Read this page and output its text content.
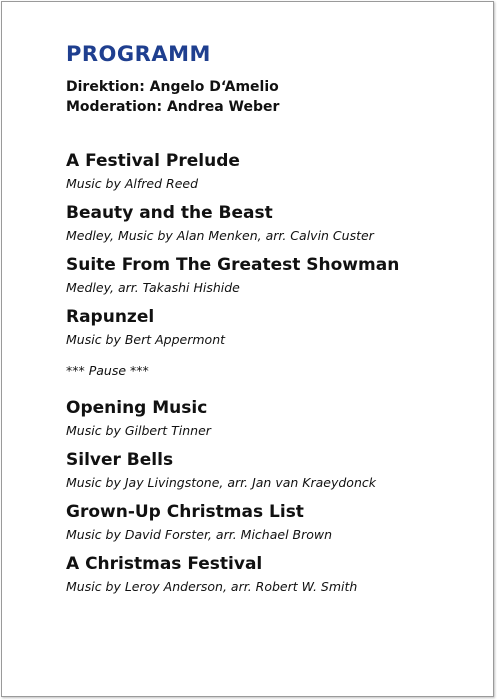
PROGRAMM
Direktion: Angelo D‘Amelio
Moderation: Andrea Weber
A Festival Prelude
Music by Alfred Reed
Beauty and the Beast
Medley, Music by Alan Menken, arr. Calvin Custer
Suite From The Greatest Showman
Medley, arr. Takashi Hishide
Rapunzel
Music by Bert Appermont
*** Pause ***
Opening Music
Music by Gilbert Tinner
Silver Bells
Music by Jay Livingstone, arr. Jan van Kraeydonck
Grown-Up Christmas List
Music by David Forster, arr. Michael Brown
A Christmas Festival
Music by Leroy Anderson, arr. Robert W. Smith
